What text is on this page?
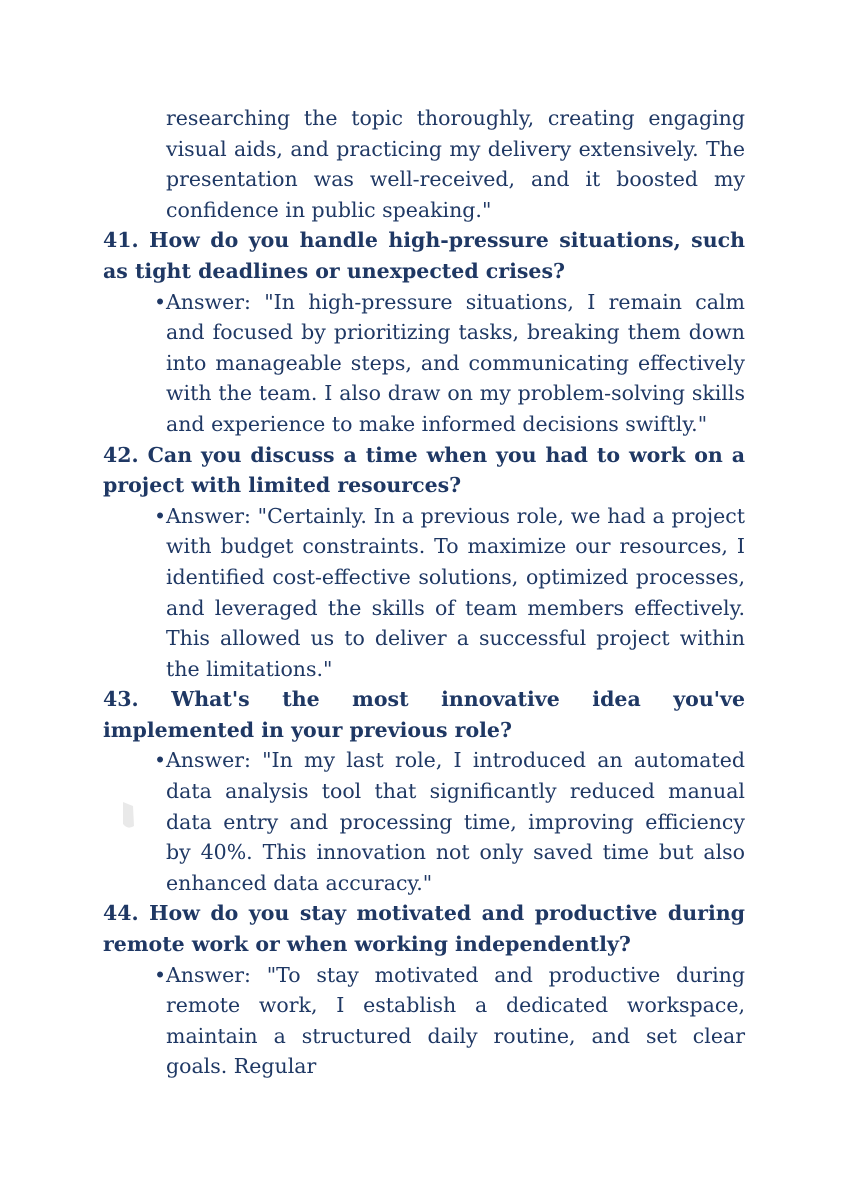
researching the topic thoroughly, creating engaging visual aids, and practicing my delivery extensively. The presentation was well-received, and it boosted my confidence in public speaking."

41. How do you handle high-pressure situations, such as tight deadlines or unexpected crises?

•Answer: "In high-pressure situations, I remain calm and focused by prioritizing tasks, breaking them down into manageable steps, and communicating effectively with the team. I also draw on my problem-solving skills and experience to make informed decisions swiftly."

42. Can you discuss a time when you had to work on a project with limited resources?

•Answer: "Certainly. In a previous role, we had a project with budget constraints. To maximize our resources, I identified cost-effective solutions, optimized processes, and leveraged the skills of team members effectively. This allowed us to deliver a successful project within the limitations."

43. What's the most innovative idea you've implemented in your previous role?

•Answer: "In my last role, I introduced an automated data analysis tool that significantly reduced manual data entry and processing time, improving efficiency by 40%. This innovation not only saved time but also enhanced data accuracy."

44. How do you stay motivated and productive during remote work or when working independently?

•Answer: "To stay motivated and productive during remote work, I establish a dedicated workspace, maintain a structured daily routine, and set clear goals. Regular
